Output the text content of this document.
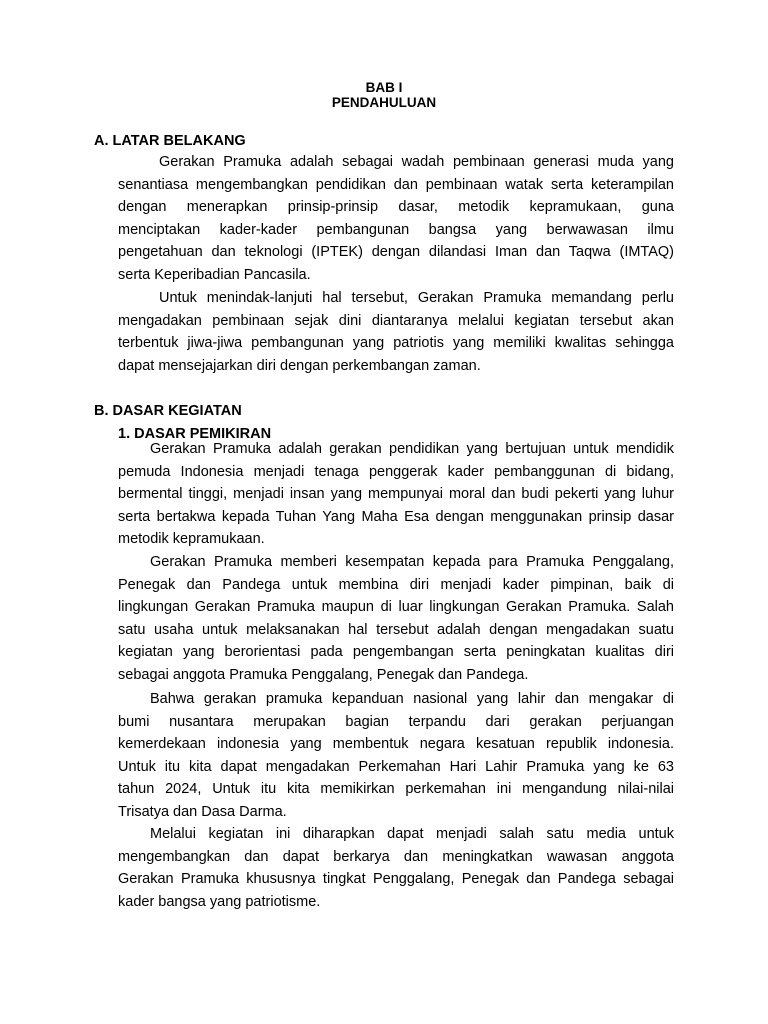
BAB I
PENDAHULUAN
A. LATAR BELAKANG
Gerakan Pramuka adalah sebagai wadah pembinaan generasi muda yang
senantiasa mengembangkan pendidikan dan pembinaan watak serta keterampilan
dengan menerapkan prinsip-prinsip dasar, metodik kepramukaan, guna
menciptakan kader-kader pembangunan bangsa yang berwawasan ilmu
pengetahuan dan teknologi (IPTEK) dengan dilandasi Iman dan Taqwa (IMTAQ)
serta Keperibadian Pancasila.
Untuk menindak-lanjuti hal tersebut, Gerakan Pramuka memandang perlu
mengadakan pembinaan sejak dini diantaranya melalui kegiatan tersebut akan
terbentuk jiwa-jiwa pembangunan yang patriotis yang memiliki kwalitas sehingga
dapat mensejajarkan diri dengan perkembangan zaman.
B. DASAR KEGIATAN
1. DASAR PEMIKIRAN
Gerakan Pramuka adalah gerakan pendidikan yang bertujuan untuk mendidik
pemuda Indonesia menjadi tenaga penggerak kader pembanggunan di bidang,
bermental tinggi, menjadi insan yang mempunyai moral dan budi pekerti yang luhur
serta bertakwa kepada Tuhan Yang Maha Esa dengan menggunakan prinsip dasar
metodik kepramukaan.
Gerakan Pramuka memberi kesempatan kepada para Pramuka Penggalang,
Penegak dan Pandega untuk membina diri menjadi kader pimpinan, baik di
lingkungan Gerakan Pramuka maupun di luar lingkungan Gerakan Pramuka. Salah
satu usaha untuk melaksanakan hal tersebut adalah dengan mengadakan suatu
kegiatan yang berorientasi pada pengembangan serta peningkatan kualitas diri
sebagai anggota Pramuka Penggalang, Penegak dan Pandega.
Bahwa gerakan pramuka kepanduan nasional yang lahir dan mengakar di
bumi nusantara merupakan bagian terpandu dari gerakan perjuangan
kemerdekaan indonesia yang membentuk negara kesatuan republik indonesia.
Untuk itu kita dapat mengadakan Perkemahan Hari Lahir Pramuka yang ke 63
tahun 2024, Untuk itu kita memikirkan perkemahan ini mengandung nilai-nilai
Trisatya dan Dasa Darma.
Melalui kegiatan ini diharapkan dapat menjadi salah satu media untuk
mengembangkan dan dapat berkarya dan meningkatkan wawasan anggota
Gerakan Pramuka khususnya tingkat Penggalang, Penegak dan Pandega sebagai
kader bangsa yang patriotisme.
